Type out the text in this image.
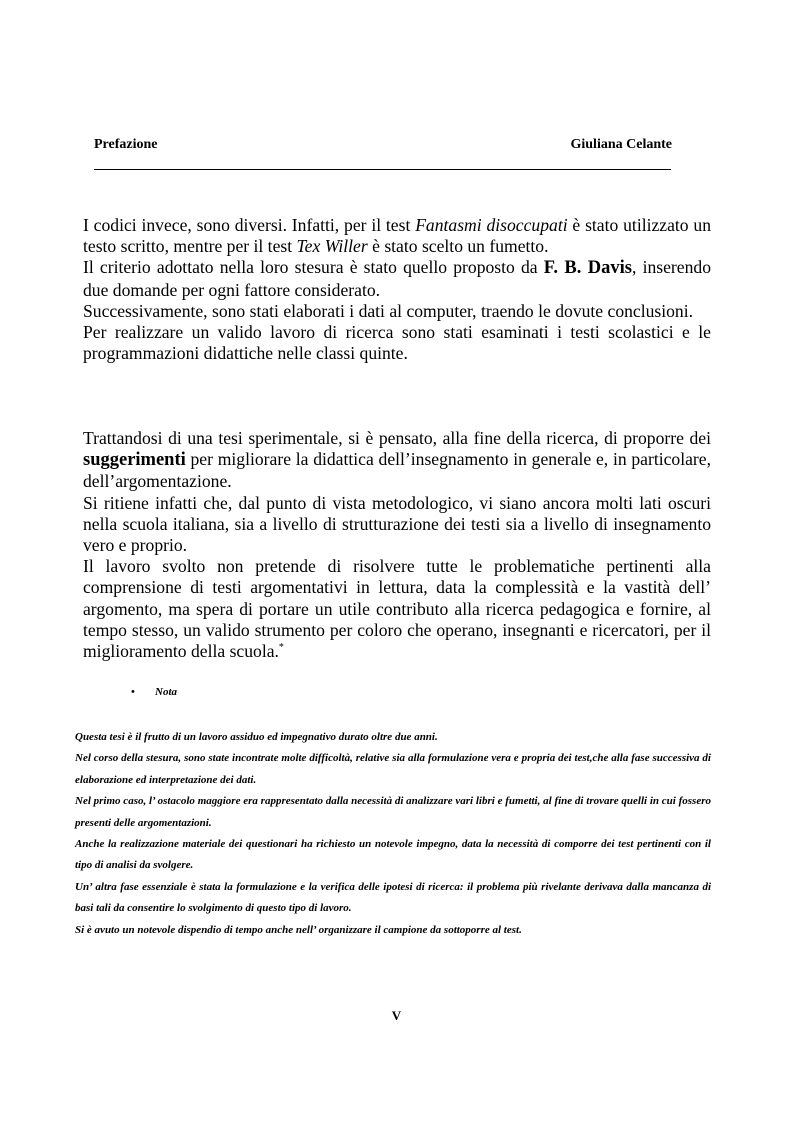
Prefazione	Giuliana Celante

I codici invece, sono diversi. Infatti, per il test Fantasmi disoccupati è stato utilizzato un testo scritto, mentre per il test Tex Willer è stato scelto un fumetto.

Il criterio adottato nella loro stesura è stato quello proposto da F. B. Davis, inserendo due domande per ogni fattore considerato.

Successivamente, sono stati elaborati i dati al computer, traendo le dovute conclusioni.

Per realizzare un valido lavoro di ricerca sono stati esaminati i testi scolastici e le programmazioni didattiche nelle classi quinte.

Trattandosi di una tesi sperimentale, si è pensato, alla fine della ricerca, di proporre dei suggerimenti per migliorare la didattica dell’insegnamento in generale e, in particolare, dell’argomentazione.

Si ritiene infatti che, dal punto di vista metodologico, vi siano ancora molti lati oscuri nella scuola italiana, sia a livello di strutturazione dei testi sia a livello di insegnamento vero e proprio.

Il lavoro svolto non pretende di risolvere tutte le problematiche pertinenti alla comprensione di testi argomentativi in lettura, data la complessità e la vastità dell’ argomento, ma spera di portare un utile contributo alla ricerca pedagogica e fornire, al tempo stesso, un valido strumento per coloro che operano, insegnanti e ricercatori, per il miglioramento della scuola.*

• Nota

Questa tesi è il frutto di un lavoro assiduo ed impegnativo durato oltre due anni.

Nel corso della stesura, sono state incontrate molte difficoltà, relative sia alla formulazione vera e propria dei test,che alla fase successiva di elaborazione ed interpretazione dei dati.

Nel primo caso, l’ ostacolo maggiore era rappresentato dalla necessità di analizzare vari libri e fumetti, al fine di trovare quelli in cui fossero presenti delle argomentazioni.

Anche la realizzazione materiale dei questionari ha richiesto un notevole impegno, data la necessità di comporre dei test pertinenti con il tipo di analisi da svolgere.

Un’ altra fase essenziale è stata la formulazione e la verifica delle ipotesi di ricerca: il problema più rivelante derivava dalla mancanza di basi tali da consentire lo svolgimento di questo tipo di lavoro.

Si è avuto un notevole dispendio di tempo anche nell’ organizzare il campione da sottoporre al test.

V
